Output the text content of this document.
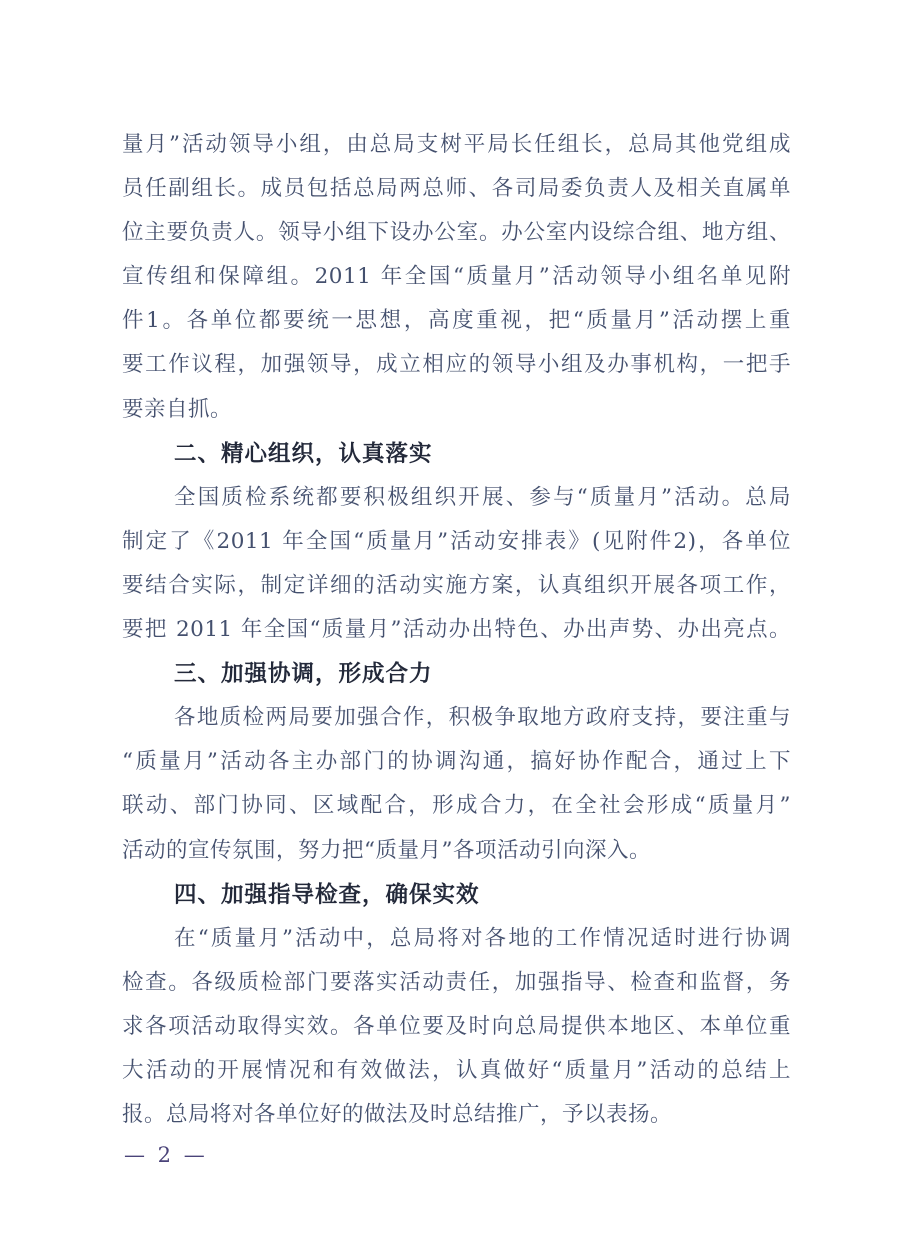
量月”活动领导小组，由总局支树平局长任组长，总局其他党组成
员任副组长。成员包括总局两总师、各司局委负责人及相关直属单
位主要负责人。领导小组下设办公室。办公室内设综合组、地方组、
宣传组和保障组。2011 年全国“质量月”活动领导小组名单见附
件1。各单位都要统一思想，高度重视，把“质量月”活动摆上重
要工作议程，加强领导，成立相应的领导小组及办事机构，一把手
要亲自抓。
二、精心组织，认真落实
全国质检系统都要积极组织开展、参与“质量月”活动。总局
制定了《2011 年全国“质量月”活动安排表》(见附件2)，各单位
要结合实际，制定详细的活动实施方案，认真组织开展各项工作，
要把 2011 年全国“质量月”活动办出特色、办出声势、办出亮点。
三、加强协调，形成合力
各地质检两局要加强合作，积极争取地方政府支持，要注重与
“质量月”活动各主办部门的协调沟通，搞好协作配合，通过上下
联动、部门协同、区域配合，形成合力，在全社会形成“质量月”
活动的宣传氛围，努力把“质量月”各项活动引向深入。
四、加强指导检查，确保实效
在“质量月”活动中，总局将对各地的工作情况适时进行协调
检查。各级质检部门要落实活动责任，加强指导、检查和监督，务
求各项活动取得实效。各单位要及时向总局提供本地区、本单位重
大活动的开展情况和有效做法，认真做好“质量月”活动的总结上
报。总局将对各单位好的做法及时总结推广，予以表扬。
— 2 —
